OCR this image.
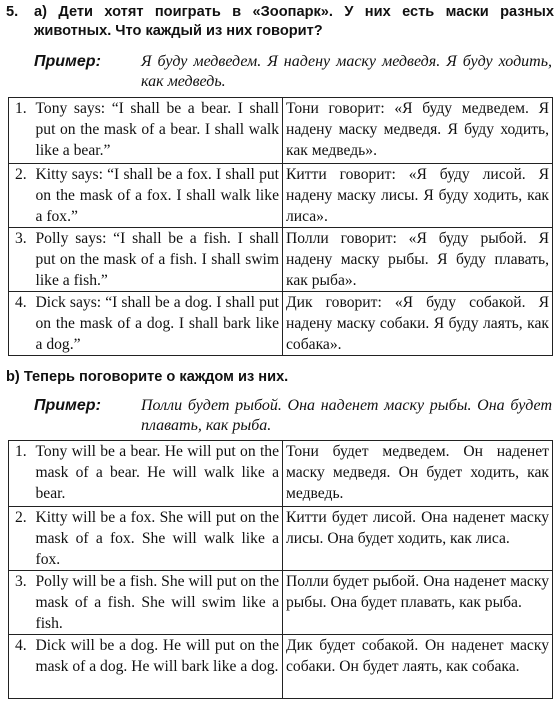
5. a) Дети хотят поиграть в «Зоопарк». У них есть маски разных животных. Что каждый из них говорит?
Пример:	Я буду медведем. Я надену маску медведя. Я буду ходить, как медведь.
1.	Tony says: “I shall be a bear. I shall put on the mask of a bear. I shall walk like a bear.”	Тони говорит: «Я буду медведем. Я надену маску медведя. Я буду ходить, как медведь».
2.	Kitty says: “I shall be a fox. I shall put on the mask of a fox. I shall walk like a fox.”	Китти говорит: «Я буду лисой. Я надену маску лисы. Я буду ходить, как лиса».
3.	Polly says: “I shall be a fish. I shall put on the mask of a fish. I shall swim like a fish.”	Полли говорит: «Я буду рыбой. Я надену маску рыбы. Я буду плавать, как рыба».
4.	Dick says: “I shall be a dog. I shall put on the mask of a dog. I shall bark like a dog.”	Дик говорит: «Я буду собакой. Я надену маску собаки. Я буду лаять, как собака».
b) Теперь поговорите о каждом из них.
Пример:	Полли будет рыбой. Она наденет маску рыбы. Она будет плавать, как рыба.
1.	Tony will be a bear. He will put on the mask of a bear. He will walk like a bear.	Тони будет медведем. Он наденет маску медведя. Он будет ходить, как медведь.
2.	Kitty will be a fox. She will put on the mask of a fox. She will walk like a fox.	Китти будет лисой. Она наденет маску лисы. Она будет ходить, как лиса.
3.	Polly will be a fish. She will put on the mask of a fish. She will swim like a fish.	Полли будет рыбой. Она наденет маску рыбы. Она будет плавать, как рыба.
4.	Dick will be a dog. He will put on the mask of a dog. He will bark like a dog.	Дик будет собакой. Он наденет маску собаки. Он будет лаять, как собака.
